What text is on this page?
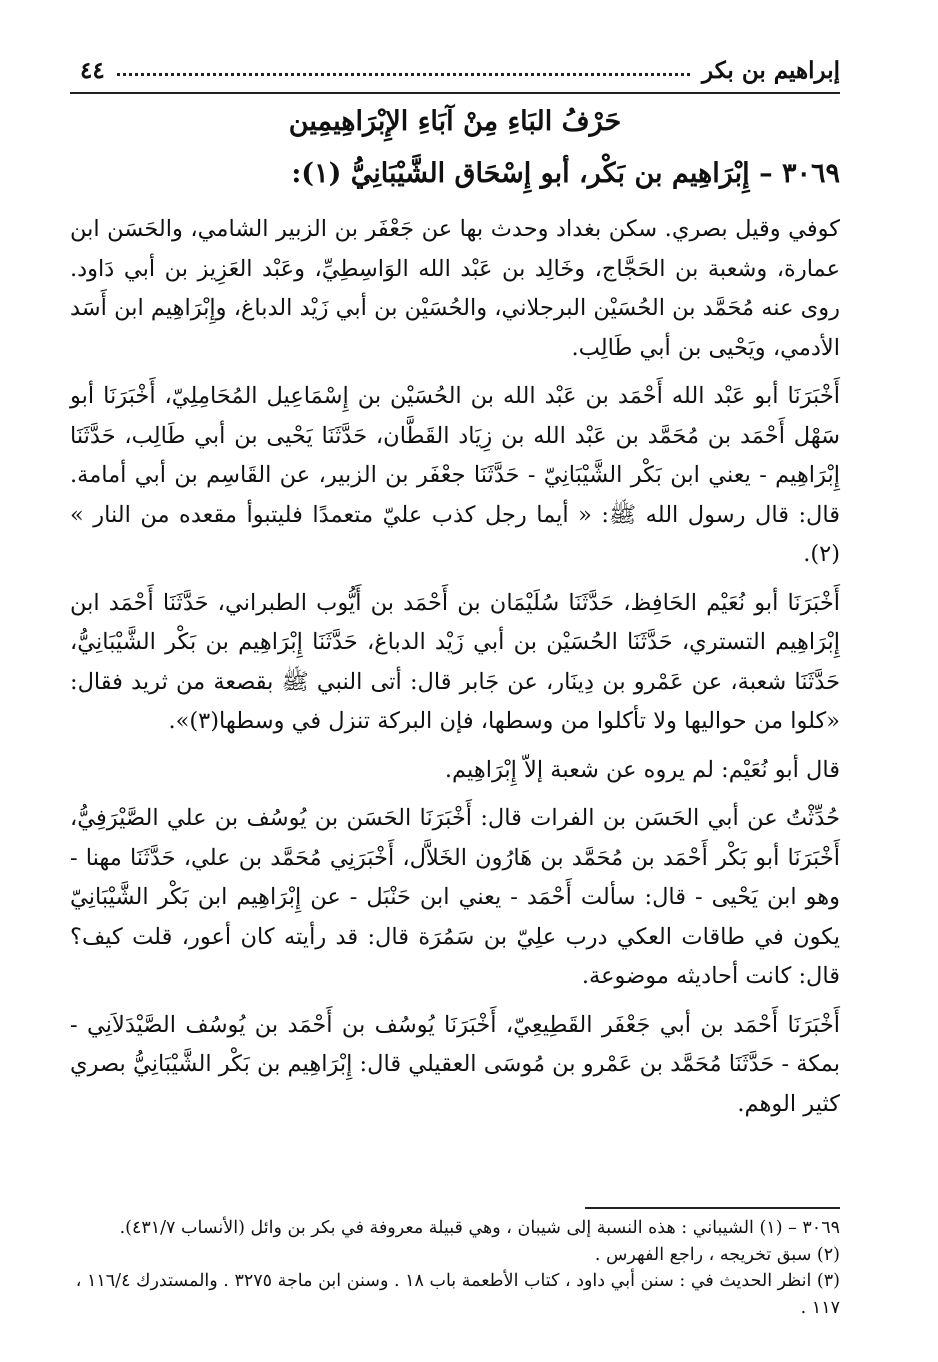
إبراهيم بن بكر
٤٤
حَرْفُ البَاءِ مِنْ آبَاءِ الإِبْرَاهِيمِين
٣٠٦٩ – إِبْرَاهِيم بن بَكْر، أبو إِسْحَاق الشَّيْبَانِيُّ (١):

كوفي وقيل بصري. سكن بغداد وحدث بها عن جَعْفَر بن الزبير الشامي، والحَسَن ابن عمارة، وشعبة بن الحَجَّاج، وخَالِد بن عَبْد الله الوَاسِطِيِّ، وعَبْد العَزِيز بن أبي دَاود. روى عنه مُحَمَّد بن الحُسَيْن البرجلاني، والحُسَيْن بن أبي زَيْد الدباغ، وإِبْرَاهِيم ابن أَسَد الأدمي، ويَحْيى بن أبي طَالِب.

أَخْبَرَنَا أبو عَبْد الله أَحْمَد بن عَبْد الله بن الحُسَيْن بن إِسْمَاعِيل المُحَامِلِيّ، أَخْبَرَنَا أبو سَهْل أَحْمَد بن مُحَمَّد بن عَبْد الله بن زِيَاد القَطَّان، حَدَّثَنَا يَحْيى بن أبي طَالِب، حَدَّثَنَا إِبْرَاهِيم - يعني ابن بَكْر الشَّيْبَانِيّ - حَدَّثَنَا جعْفَر بن الزبير، عن القَاسِم بن أبي أمامة. قال: قال رسول الله ﷺ: « أيما رجل كذب عليّ متعمدًا فليتبوأ مقعده من النار » (٢).

أَخْبَرَنَا أبو نُعَيْم الحَافِظ، حَدَّثَنَا سُلَيْمَان بن أَحْمَد بن أَيُّوب الطبراني، حَدَّثَنَا أَحْمَد ابن إِبْرَاهِيم التستري، حَدَّثَنَا الحُسَيْن بن أبي زَيْد الدباغ، حَدَّثَنَا إِبْرَاهِيم بن بَكْر الشَّيْبَانِيُّ، حَدَّثَنَا شعبة، عن عَمْرو بن دِينَار، عن جَابر قال: أتى النبي ﷺ بقصعة من ثريد فقال: «كلوا من حواليها ولا تأكلوا من وسطها، فإن البركة تنزل في وسطها(٣)».

قال أبو نُعَيْم: لم يروه عن شعبة إلاّ إِبْرَاهِيم.

حُدِّثْتُ عن أبي الحَسَن بن الفرات قال: أَخْبَرَنَا الحَسَن بن يُوسُف بن علي الصَّيْرَفِيُّ، أَخْبَرَنَا أبو بَكْر أَحْمَد بن مُحَمَّد بن هَارُون الخَلاَّل، أَخْبَرَنِي مُحَمَّد بن علي، حَدَّثَنَا مهنا - وهو ابن يَحْيى - قال: سألت أَحْمَد - يعني ابن حَنْبَل - عن إِبْرَاهِيم ابن بَكْر الشَّيْبَانِيّ يكون في طاقات العكي درب علِيّ بن سَمُرَة قال: قد رأيته كان أعور، قلت كيف؟ قال: كانت أحاديثه موضوعة.

أَخْبَرَنَا أَحْمَد بن أبي جَعْفَر القَطِيعِيّ، أَخْبَرَنَا يُوسُف بن أَحْمَد بن يُوسُف الصَّيْدَلاَنِي - بمكة - حَدَّثَنَا مُحَمَّد بن عَمْرو بن مُوسَى العقيلي قال: إِبْرَاهِيم بن بَكْر الشَّيْبَانِيُّ بصري كثير الوهم.

٣٠٦٩ – (١) الشيباني : هذه النسبة إلى شيبان ، وهي قبيلة معروفة في بكر بن وائل (الأنساب ٤٣١/٧).
(٢) سبق تخريجه ، راجع الفهرس .
(٣) انظر الحديث في : سنن أبي داود ، كتاب الأطعمة باب ١٨ . وسنن ابن ماجة ٣٢٧٥ . والمستدرك ١١٦/٤ ، ١١٧ .
